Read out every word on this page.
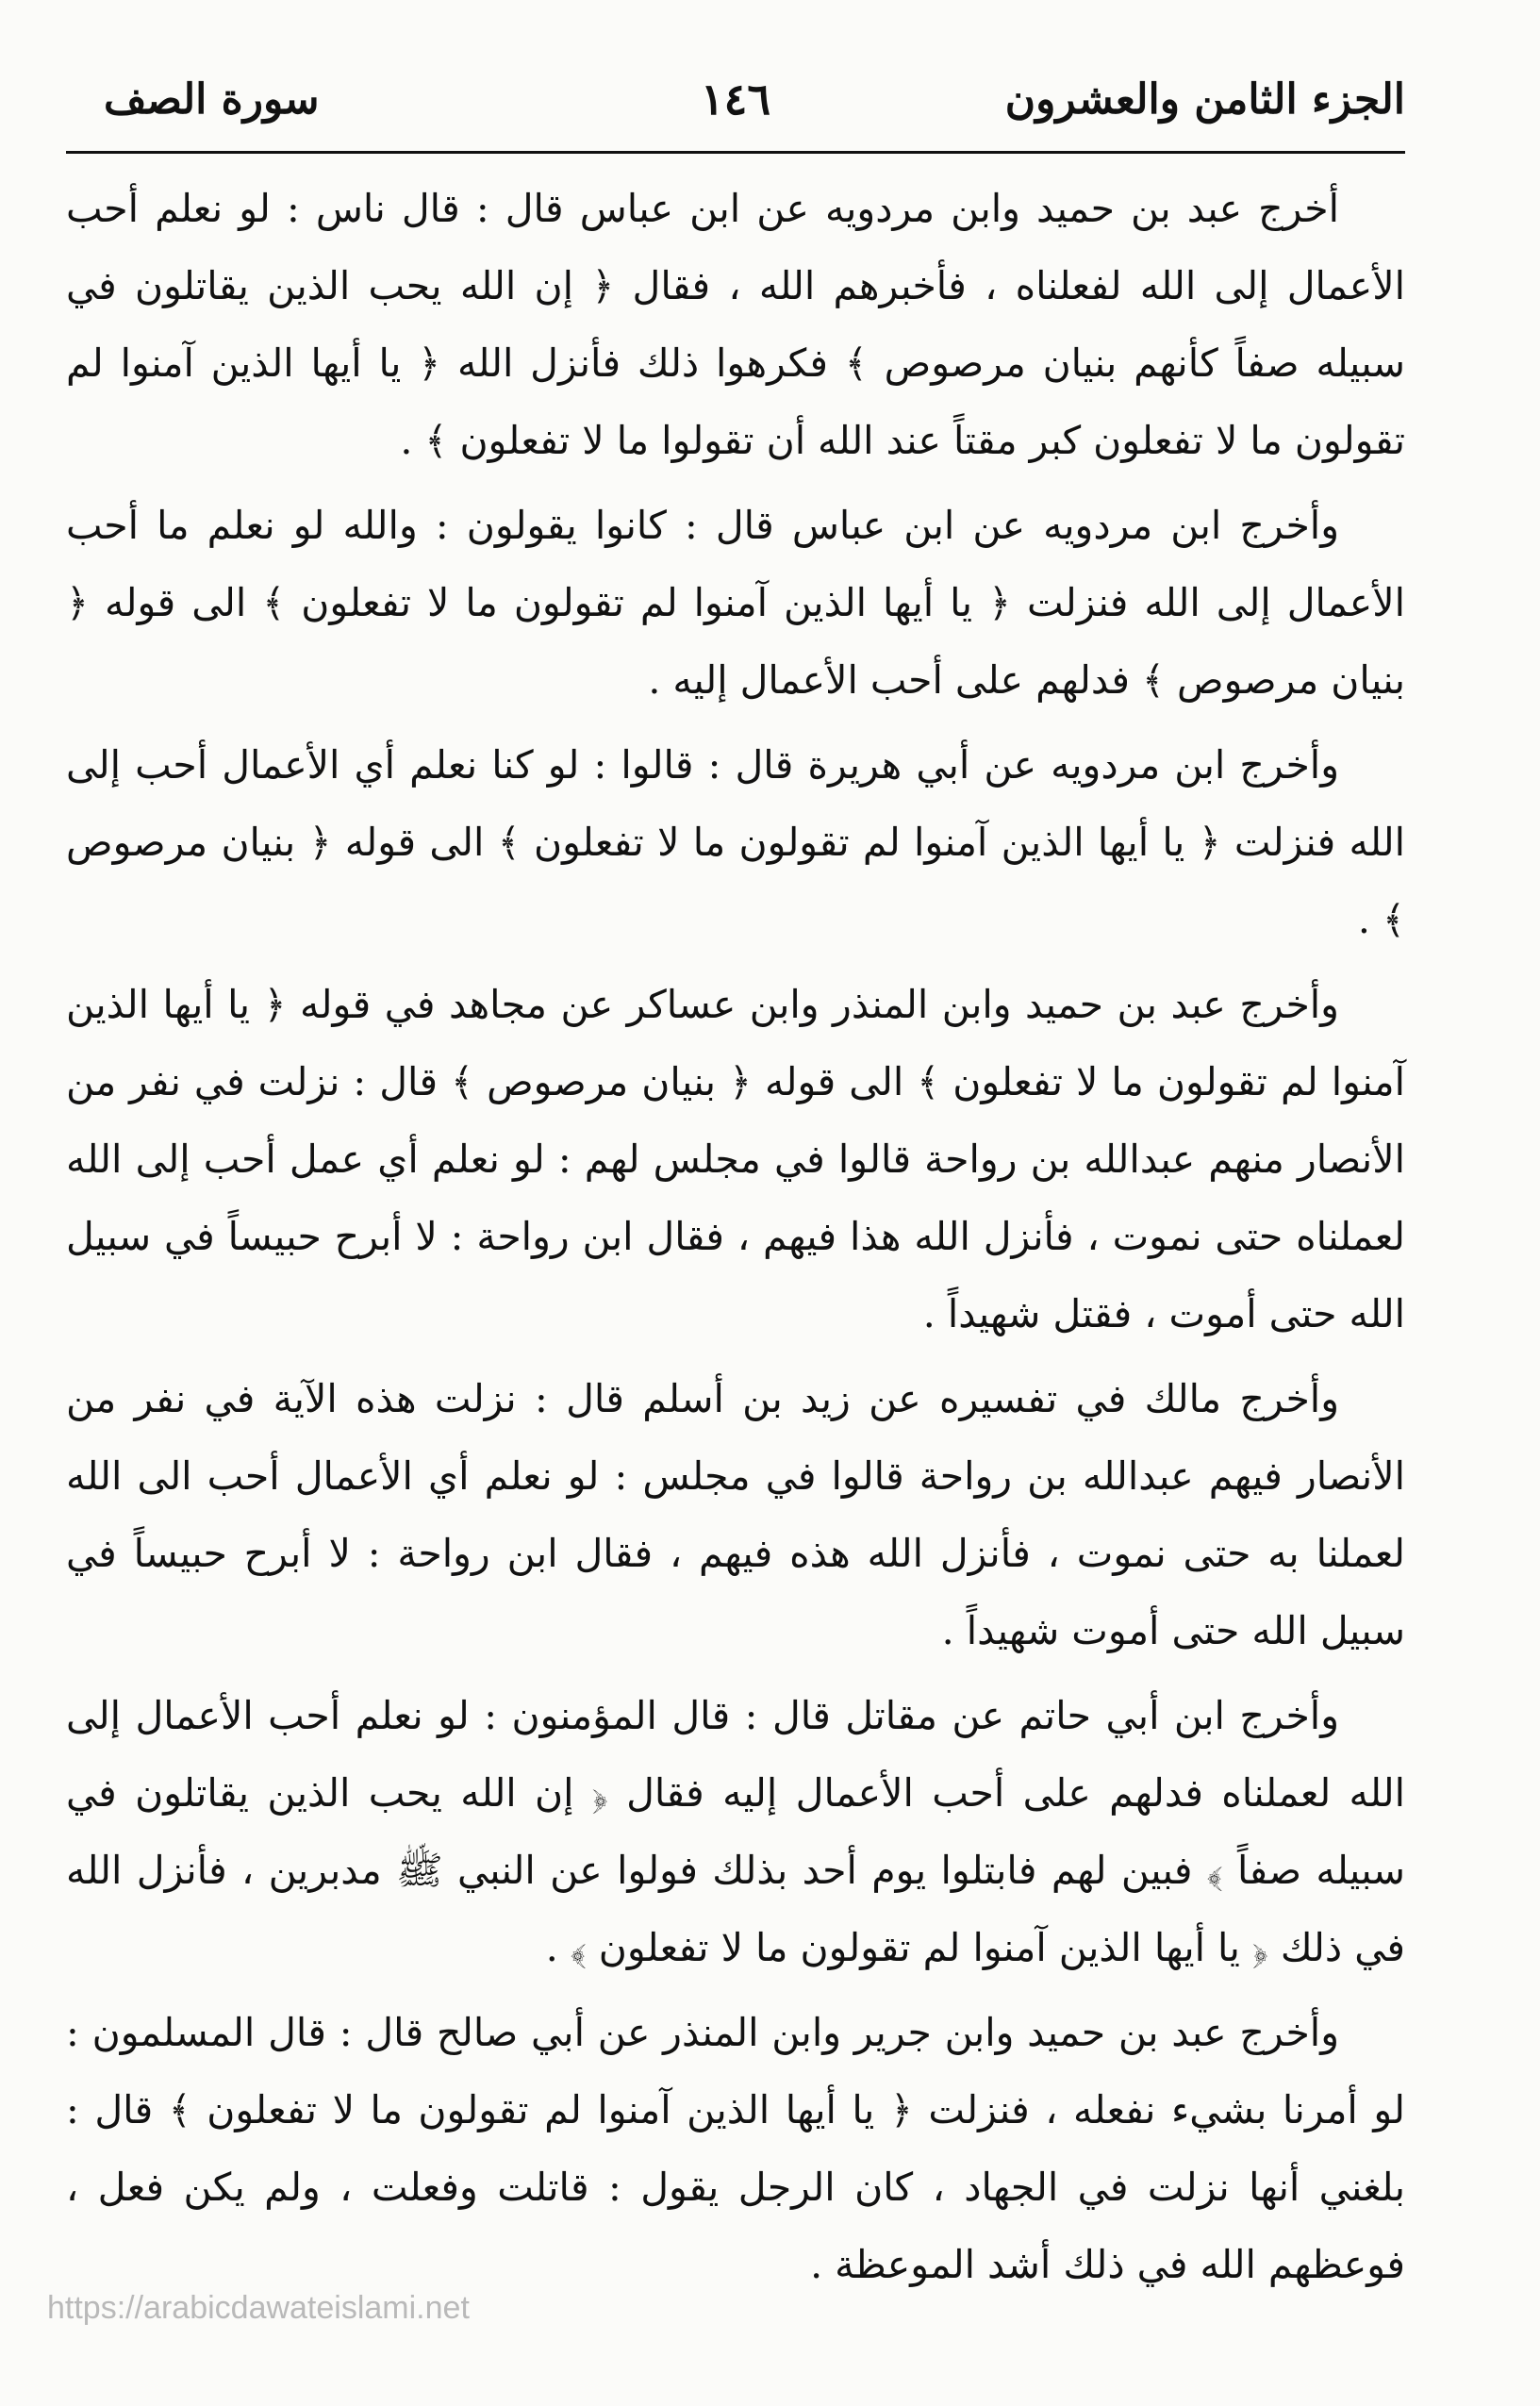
الجزء الثامن والعشرون
١٤٦
سورة الصف

أخرج عبد بن حميد وابن مردويه عن ابن عباس قال : قال ناس : لو نعلم أحب الأعمال إلى الله لفعلناه ، فأخبرهم الله ، فقال ﴿ إن الله يحب الذين يقاتلون في سبيله صفاً كأنهم بنيان مرصوص ﴾ فكرهوا ذلك فأنزل الله ﴿ يا أيها الذين آمنوا لم تقولون ما لا تفعلون كبر مقتاً عند الله أن تقولوا ما لا تفعلون ﴾ .

وأخرج ابن مردويه عن ابن عباس قال : كانوا يقولون : والله لو نعلم ما أحب الأعمال إلى الله فنزلت ﴿ يا أيها الذين آمنوا لم تقولون ما لا تفعلون ﴾ الى قوله ﴿ بنيان مرصوص ﴾ فدلهم على أحب الأعمال إليه .

وأخرج ابن مردويه عن أبي هريرة قال : قالوا : لو كنا نعلم أي الأعمال أحب إلى الله فنزلت ﴿ يا أيها الذين آمنوا لم تقولون ما لا تفعلون ﴾ الى قوله ﴿ بنيان مرصوص ﴾ .

وأخرج عبد بن حميد وابن المنذر وابن عساكر عن مجاهد في قوله ﴿ يا أيها الذين آمنوا لم تقولون ما لا تفعلون ﴾ الى قوله ﴿ بنيان مرصوص ﴾ قال : نزلت في نفر من الأنصار منهم عبدالله بن رواحة قالوا في مجلس لهم : لو نعلم أي عمل أحب إلى الله لعملناه حتى نموت ، فأنزل الله هذا فيهم ، فقال ابن رواحة : لا أبرح حبيساً في سبيل الله حتى أموت ، فقتل شهيداً .

وأخرج مالك في تفسيره عن زيد بن أسلم قال : نزلت هذه الآية في نفر من الأنصار فيهم عبدالله بن رواحة قالوا في مجلس : لو نعلم أي الأعمال أحب الى الله لعملنا به حتى نموت ، فأنزل الله هذه فيهم ، فقال ابن رواحة : لا أبرح حبيساً في سبيل الله حتى أموت شهيداً .

وأخرج ابن أبي حاتم عن مقاتل قال : قال المؤمنون : لو نعلم أحب الأعمال إلى الله لعملناه فدلهم على أحب الأعمال إليه فقال ﴿ إن الله يحب الذين يقاتلون في سبيله صفاً ﴾ فبين لهم فابتلوا يوم أحد بذلك فولوا عن النبي ﷺ مدبرين ، فأنزل الله في ذلك ﴿ يا أيها الذين آمنوا لم تقولون ما لا تفعلون ﴾ .

وأخرج عبد بن حميد وابن جرير وابن المنذر عن أبي صالح قال : قال المسلمون : لو أمرنا بشيء نفعله ، فنزلت ﴿ يا أيها الذين آمنوا لم تقولون ما لا تفعلون ﴾ قال : بلغني أنها نزلت في الجهاد ، كان الرجل يقول : قاتلت وفعلت ، ولم يكن فعل ، فوعظهم الله في ذلك أشد الموعظة .

https://arabicdawateislami.net
